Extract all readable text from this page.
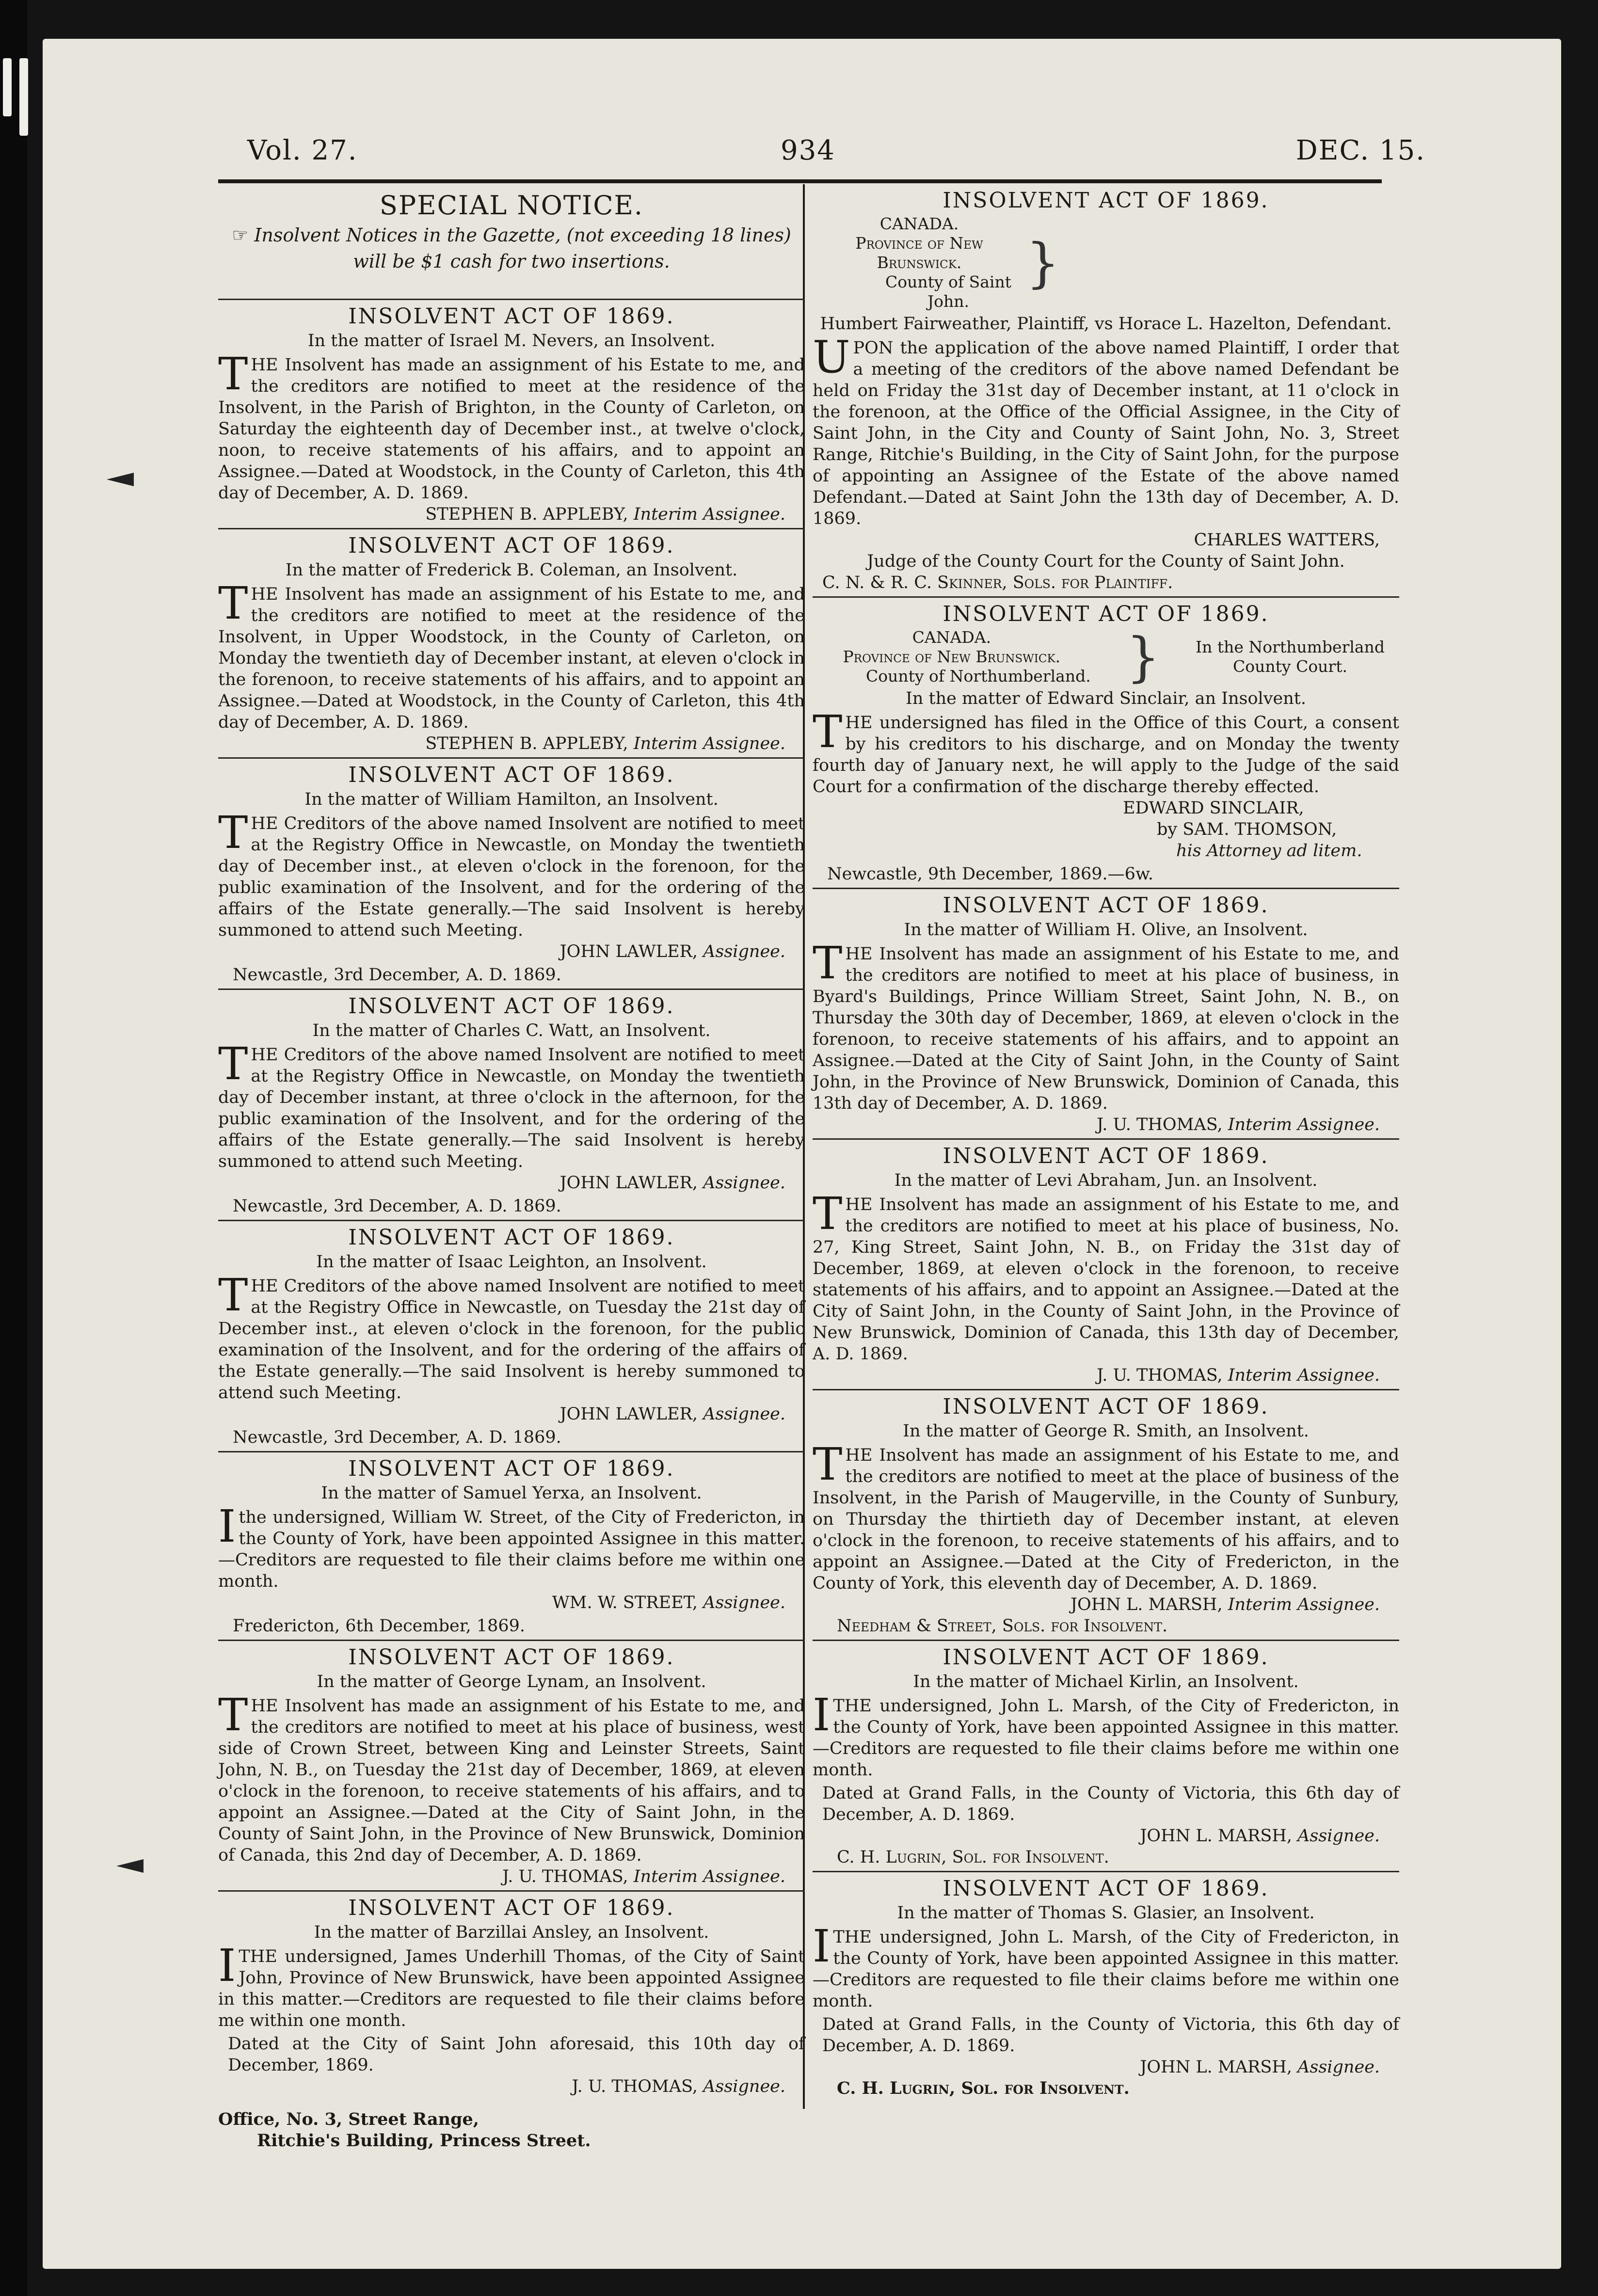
Vol. 27.	934	DEC. 15.
SPECIAL NOTICE.
☞ Insolvent Notices in the Gazette, (not exceeding 18 lines) will be $1 cash for two insertions.
INSOLVENT ACT OF 1869.
In the matter of Israel M. Nevers, an Insolvent.
THE Insolvent has made an assignment of his Estate to me, and the creditors are notified to meet at the residence of the Insolvent, in the Parish of Brighton, in the County of Carleton, on Saturday the eighteenth day of December inst., at twelve o'clock, noon, to receive statements of his affairs, and to appoint an Assignee.—Dated at Woodstock, in the County of Carleton, this 4th day of December, A. D. 1869.
STEPHEN B. APPLEBY, Interim Assignee.
INSOLVENT ACT OF 1869.
In the matter of Frederick B. Coleman, an Insolvent.
THE Insolvent has made an assignment of his Estate to me, and the creditors are notified to meet at the residence of the Insolvent, in Upper Woodstock, in the County of Carleton, on Monday the twentieth day of December instant, at eleven o'clock in the forenoon, to receive statements of his affairs, and to appoint an Assignee.—Dated at Woodstock, in the County of Carleton, this 4th day of December, A. D. 1869.
STEPHEN B. APPLEBY, Interim Assignee.
INSOLVENT ACT OF 1869.
In the matter of William Hamilton, an Insolvent.
THE Creditors of the above named Insolvent are notified to meet at the Registry Office in Newcastle, on Monday the twentieth day of December inst., at eleven o'clock in the forenoon, for the public examination of the Insolvent, and for the ordering of the affairs of the Estate generally.—The said Insolvent is hereby summoned to attend such Meeting.
JOHN LAWLER, Assignee.
Newcastle, 3rd December, A. D. 1869.
INSOLVENT ACT OF 1869.
In the matter of Charles C. Watt, an Insolvent.
THE Creditors of the above named Insolvent are notified to meet at the Registry Office in Newcastle, on Monday the twentieth day of December instant, at three o'clock in the afternoon, for the public examination of the Insolvent, and for the ordering of the affairs of the Estate generally.—The said Insolvent is hereby summoned to attend such Meeting.
JOHN LAWLER, Assignee.
Newcastle, 3rd December, A. D. 1869.
INSOLVENT ACT OF 1869.
In the matter of Isaac Leighton, an Insolvent.
THE Creditors of the above named Insolvent are notified to meet at the Registry Office in Newcastle, on Tuesday the 21st day of December inst., at eleven o'clock in the forenoon, for the public examination of the Insolvent, and for the ordering of the affairs of the Estate generally.—The said Insolvent is hereby summoned to attend such Meeting.
JOHN LAWLER, Assignee.
Newcastle, 3rd December, A. D. 1869.
INSOLVENT ACT OF 1869.
In the matter of Samuel Yerxa, an Insolvent.
Ithe undersigned, William W. Street, of the City of Fredericton, in the County of York, have been appointed Assignee in this matter.—Creditors are requested to file their claims before me within one month.
WM. W. STREET, Assignee.
Fredericton, 6th December, 1869.
INSOLVENT ACT OF 1869.
In the matter of George Lynam, an Insolvent.
THE Insolvent has made an assignment of his Estate to me, and the creditors are notified to meet at his place of business, west side of Crown Street, between King and Leinster Streets, Saint John, N. B., on Tuesday the 21st day of December, 1869, at eleven o'clock in the forenoon, to receive statements of his affairs, and to appoint an Assignee.—Dated at the City of Saint John, in the County of Saint John, in the Province of New Brunswick, Dominion of Canada, this 2nd day of December, A. D. 1869.
J. U. THOMAS, Interim Assignee.
INSOLVENT ACT OF 1869.
In the matter of Barzillai Ansley, an Insolvent.
ITHE undersigned, James Underhill Thomas, of the City of Saint John, Province of New Brunswick, have been appointed Assignee in this matter.—Creditors are requested to file their claims before me within one month.
Dated at the City of Saint John aforesaid, this 10th day of December, 1869.
J. U. THOMAS, Assignee.
Office, No. 3, Street Range,
Ritchie's Building, Princess Street.
INSOLVENT ACT OF 1869.
CANADA.
Province of New Brunswick.
County of Saint John.
}
Humbert Fairweather, Plaintiff, vs Horace L. Hazelton, Defendant.
UPON the application of the above named Plaintiff, I order that a meeting of the creditors of the above named Defendant be held on Friday the 31st day of December instant, at 11 o'clock in the forenoon, at the Office of the Official Assignee, in the City of Saint John, in the City and County of Saint John, No. 3, Street Range, Ritchie's Building, in the City of Saint John, for the purpose of appointing an Assignee of the Estate of the above named Defendant.—Dated at Saint John the 13th day of December, A. D. 1869.
CHARLES WATTERS,
Judge of the County Court for the County of Saint John.
C. N. & R. C. Skinner, Sols. for Plaintiff.
INSOLVENT ACT OF 1869.
CANADA.
Province of New Brunswick.
County of Northumberland. } In the Northumberland
County Court.
In the matter of Edward Sinclair, an Insolvent.
THE undersigned has filed in the Office of this Court, a consent by his creditors to his discharge, and on Monday the twenty fourth day of January next, he will apply to the Judge of the said Court for a confirmation of the discharge thereby effected.
EDWARD SINCLAIR,
by SAM. THOMSON,
his Attorney ad litem.
Newcastle, 9th December, 1869.—6w.
INSOLVENT ACT OF 1869.
In the matter of William H. Olive, an Insolvent.
THE Insolvent has made an assignment of his Estate to me, and the creditors are notified to meet at his place of business, in Byard's Buildings, Prince William Street, Saint John, N. B., on Thursday the 30th day of December, 1869, at eleven o'clock in the forenoon, to receive statements of his affairs, and to appoint an Assignee.—Dated at the City of Saint John, in the County of Saint John, in the Province of New Brunswick, Dominion of Canada, this 13th day of December, A. D. 1869.
J. U. THOMAS, Interim Assignee.
INSOLVENT ACT OF 1869.
In the matter of Levi Abraham, Jun. an Insolvent.
THE Insolvent has made an assignment of his Estate to me, and the creditors are notified to meet at his place of business, No. 27, King Street, Saint John, N. B., on Friday the 31st day of December, 1869, at eleven o'clock in the forenoon, to receive statements of his affairs, and to appoint an Assignee.—Dated at the City of Saint John, in the County of Saint John, in the Province of New Brunswick, Dominion of Canada, this 13th day of December, A. D. 1869.
J. U. THOMAS, Interim Assignee.
INSOLVENT ACT OF 1869.
In the matter of George R. Smith, an Insolvent.
THE Insolvent has made an assignment of his Estate to me, and the creditors are notified to meet at the place of business of the Insolvent, in the Parish of Maugerville, in the County of Sunbury, on Thursday the thirtieth day of December instant, at eleven o'clock in the forenoon, to receive statements of his affairs, and to appoint an Assignee.—Dated at the City of Fredericton, in the County of York, this eleventh day of December, A. D. 1869.
JOHN L. MARSH, Interim Assignee.
Needham & Street, Sols. for Insolvent.
INSOLVENT ACT OF 1869.
In the matter of Michael Kirlin, an Insolvent.
ITHE undersigned, John L. Marsh, of the City of Fredericton, in the County of York, have been appointed Assignee in this matter.—Creditors are requested to file their claims before me within one month.
Dated at Grand Falls, in the County of Victoria, this 6th day of December, A. D. 1869.
JOHN L. MARSH, Assignee.
C. H. Lugrin, Sol. for Insolvent.
INSOLVENT ACT OF 1869.
In the matter of Thomas S. Glasier, an Insolvent.
ITHE undersigned, John L. Marsh, of the City of Fredericton, in the County of York, have been appointed Assignee in this matter.—Creditors are requested to file their claims before me within one month.
Dated at Grand Falls, in the County of Victoria, this 6th day of December, A. D. 1869.
JOHN L. MARSH, Assignee.
C. H. Lugrin, Sol. for Insolvent.
